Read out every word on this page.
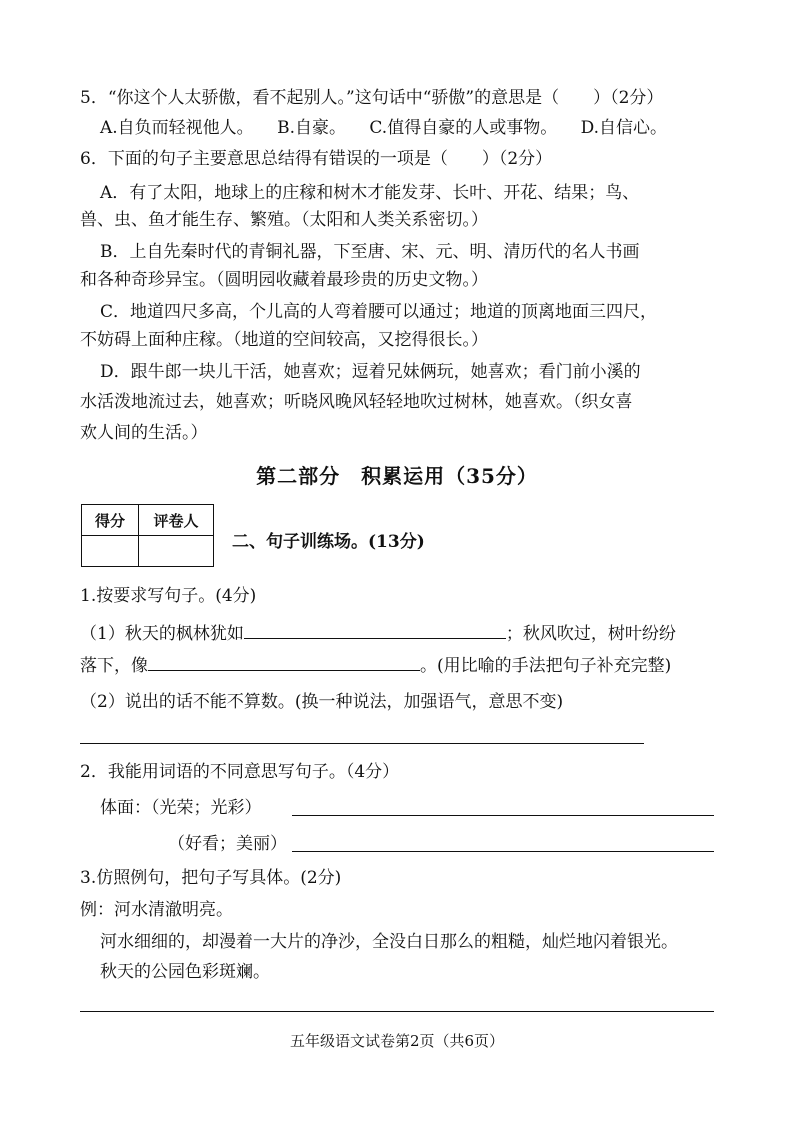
5．“你这个人太骄傲，看不起别人。”这句话中“骄傲”的意思是（　　）（2分）
A.自负而轻视他人。 B.自豪。 C.值得自豪的人或事物。 D.自信心。
6．下面的句子主要意思总结得有错误的一项是（　　）（2分）
A．有了太阳，地球上的庄稼和树木才能发芽、长叶、开花、结果；鸟、
兽、虫、鱼才能生存、繁殖。（太阳和人类关系密切。）
B．上自先秦时代的青铜礼器，下至唐、宋、元、明、清历代的名人书画
和各种奇珍异宝。（圆明园收藏着最珍贵的历史文物。）
C．地道四尺多高，个儿高的人弯着腰可以通过；地道的顶离地面三四尺，
不妨碍上面种庄稼。（地道的空间较高，又挖得很长。）
D．跟牛郎一块儿干活，她喜欢；逗着兄妹俩玩，她喜欢；看门前小溪的
水活泼地流过去，她喜欢；听晓风晚风轻轻地吹过树林，她喜欢。（织女喜
欢人间的生活。）
第二部分　积累运用（35分）
得分	评卷人

二、句子训练场。(13分)
1.按要求写句子。(4分)
（1）秋天的枫林犹如	；秋风吹过，树叶纷纷
落下，像	。(用比喻的手法把句子补充完整)
（2）说出的话不能不算数。(换一种说法，加强语气，意思不变)
2．我能用词语的不同意思写句子。（4分）
体面：（光荣；光彩）
（好看；美丽）
3.仿照例句，把句子写具体。(2分)
例：河水清澈明亮。
河水细细的，却漫着一大片的净沙，全没白日那么的粗糙，灿烂地闪着银光。
秋天的公园色彩斑斓。
五年级语文试卷第2页（共6页）
